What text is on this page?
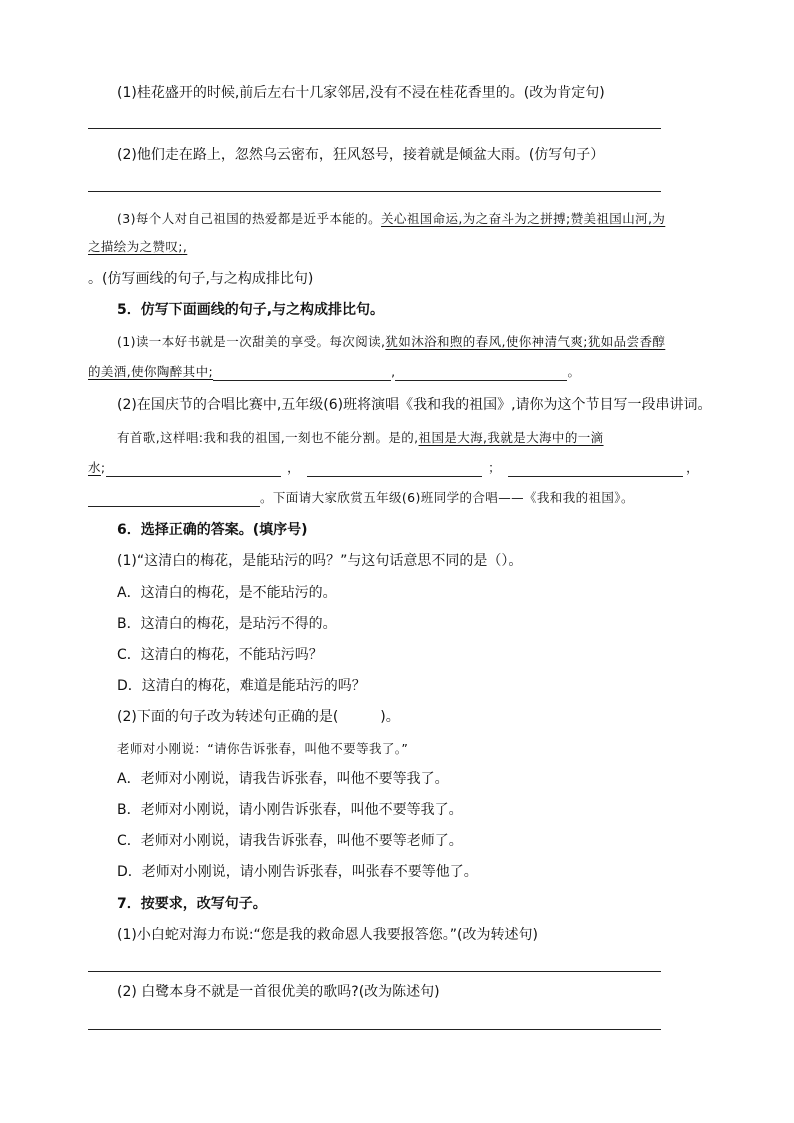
(1)桂花盛开的时候,前后左右十几家邻居,没有不浸在桂花香里的。(改为肯定句)
(2)他们走在路上，忽然乌云密布，狂风怒号，接着就是倾盆大雨。(仿写句子）
(3)每个人对自己祖国的热爱都是近乎本能的。关心祖国命运,为之奋斗为之拼搏;赞美祖国山河,为
之描绘为之赞叹;,
。(仿写画线的句子,与之构成排比句)
5．仿写下面画线的句子,与之构成排比句。
(1)读一本好书就是一次甜美的享受。每次阅读,犹如沐浴和煦的春风,使你神清气爽;犹如品尝香醇
的美酒,使你陶醉其中;	,	。
(2)在国庆节的合唱比赛中,五年级(6)班将演唱《我和我的祖国》,请你为这个节目写一段串讲词。
有首歌,这样唱:我和我的祖国,一刻也不能分割。是的,祖国是大海,我就是大海中的一滴
水;	，	；	，
。下面请大家欣赏五年级(6)班同学的合唱——《我和我的祖国》。
6．选择正确的答案。(填序号)
(1)“这清白的梅花，是能玷污的吗？”与这句话意思不同的是（）。
A．这清白的梅花，是不能玷污的。
B．这清白的梅花，是玷污不得的。
C．这清白的梅花，不能玷污吗？
D．这清白的梅花，难道是能玷污的吗？
(2)下面的句子改为转述句正确的是(　　　)。
老师对小刚说：“请你告诉张春，叫他不要等我了。”
A．老师对小刚说，请我告诉张春，叫他不要等我了。
B．老师对小刚说，请小刚告诉张春，叫他不要等我了。
C．老师对小刚说，请我告诉张春，叫他不要等老师了。
D．老师对小刚说，请小刚告诉张春，叫张春不要等他了。
7．按要求，改写句子。
(1)小白蛇对海力布说:“您是我的救命恩人我要报答您。”(改为转述句)
(2) 白鹭本身不就是一首很优美的歌吗?(改为陈述句)
